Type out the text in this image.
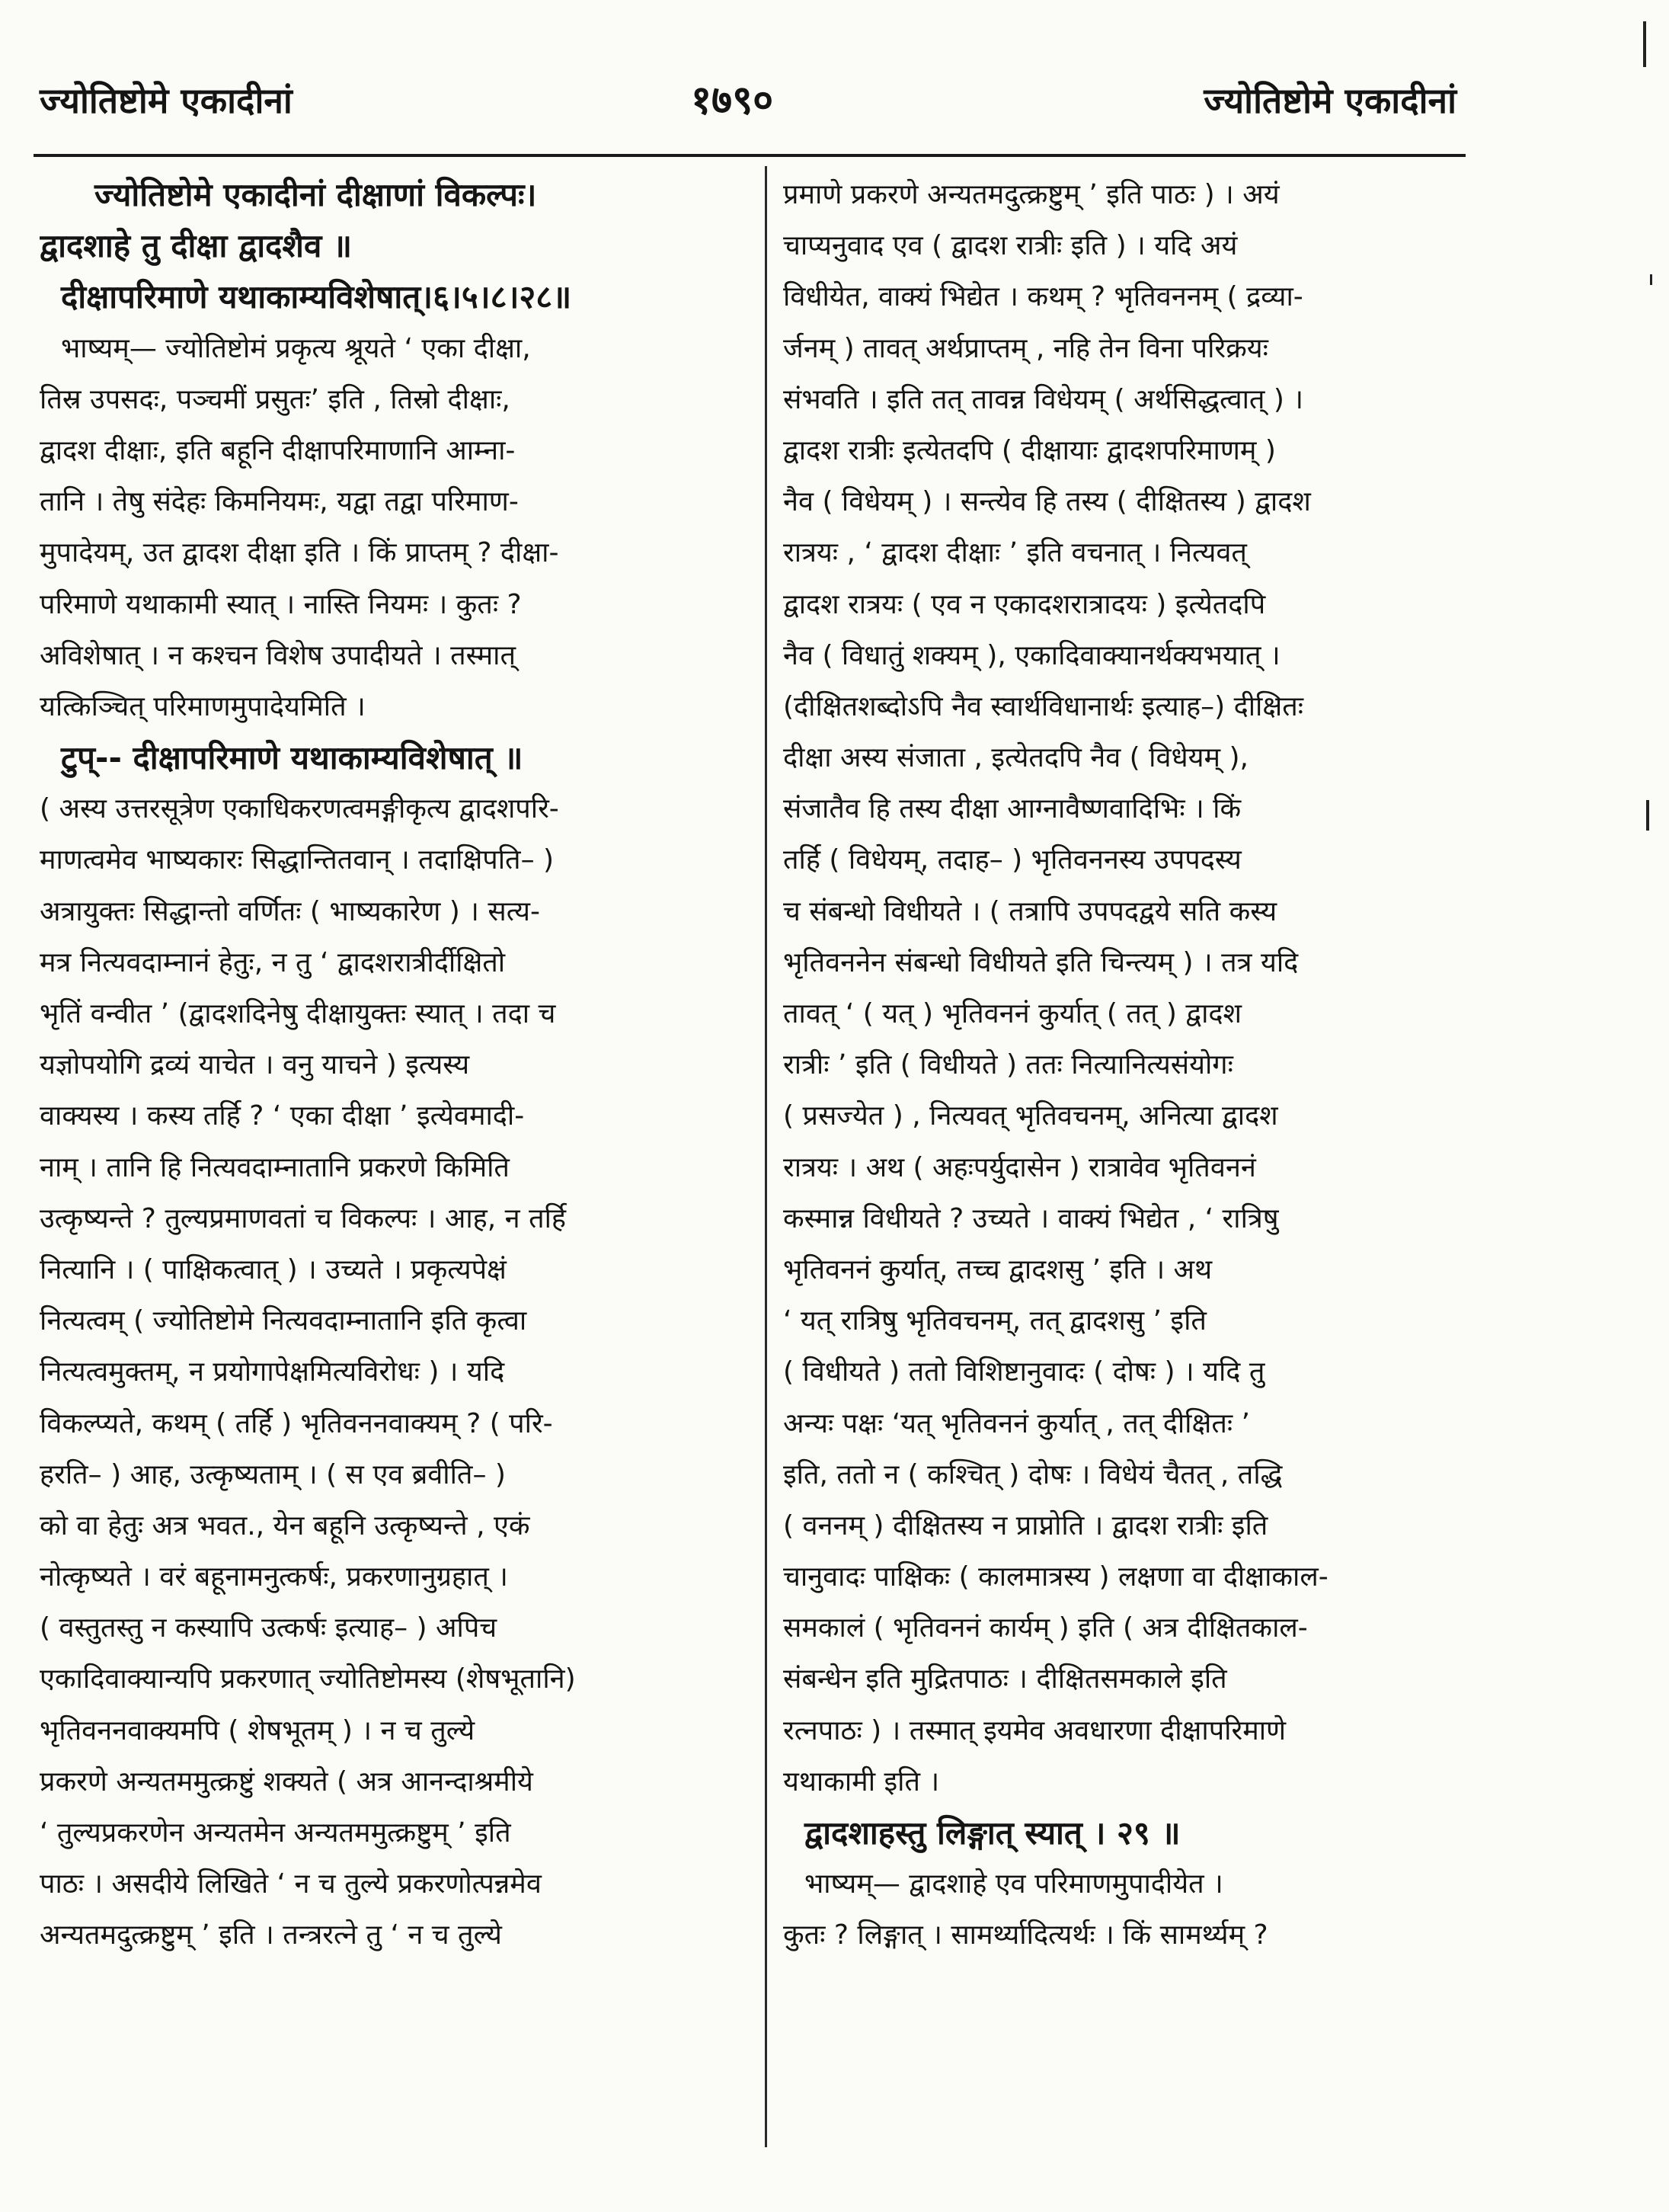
ज्योतिष्टोमे एकादीनां	१७९०	ज्योतिष्टोमे एकादीनां
ज्योतिष्टोमे एकादीनां दीक्षाणां विकल्पः।
द्वादशाहे तु दीक्षा द्वादशैव ॥
दीक्षापरिमाणे यथाकाम्यविशेषात्।६।५।८।२८॥
भाष्यम्— ज्योतिष्टोमं प्रकृत्य श्रूयते ‘ एका दीक्षा,
तिस्र उपसदः, पञ्चमीं प्रसुतः’ इति , तिस्रो दीक्षाः,
द्वादश दीक्षाः, इति बहूनि दीक्षापरिमाणानि आम्ना-
तानि । तेषु संदेहः किमनियमः, यद्वा तद्वा परिमाण-
मुपादेयम्, उत द्वादश दीक्षा इति । किं प्राप्तम् ? दीक्षा-
परिमाणे यथाकामी स्यात् । नास्ति नियमः । कुतः ?
अविशेषात् । न कश्चन विशेष उपादीयते । तस्मात्
यत्किञ्चित् परिमाणमुपादेयमिति ।
टुप्-- दीक्षापरिमाणे यथाकाम्यविशेषात् ॥
( अस्य उत्तरसूत्रेण एकाधिकरणत्वमङ्गीकृत्य द्वादशपरि-
माणत्वमेव भाष्यकारः सिद्धान्तितवान् । तदाक्षिपति– )
अत्रायुक्तः सिद्धान्तो वर्णितः ( भाष्यकारेण ) । सत्य-
मत्र नित्यवदाम्नानं हेतुः, न तु ‘ द्वादशरात्रीर्दीक्षितो
भृतिं वन्वीत ’ (द्वादशदिनेषु दीक्षायुक्तः स्यात् । तदा च
यज्ञोपयोगि द्रव्यं याचेत । वनु याचने ) इत्यस्य
वाक्यस्य । कस्य तर्हि ? ‘ एका दीक्षा ’ इत्येवमादी-
नाम् । तानि हि नित्यवदाम्नातानि प्रकरणे किमिति
उत्कृष्यन्ते ? तुल्यप्रमाणवतां च विकल्पः । आह, न तर्हि
नित्यानि । ( पाक्षिकत्वात् ) । उच्यते । प्रकृत्यपेक्षं
नित्यत्वम् ( ज्योतिष्टोमे नित्यवदाम्नातानि इति कृत्वा
नित्यत्वमुक्तम्, न प्रयोगापेक्षमित्यविरोधः ) । यदि
विकल्प्यते, कथम् ( तर्हि ) भृतिवननवाक्यम् ? ( परि-
हरति– ) आह, उत्कृष्यताम् । ( स एव ब्रवीति– )
को वा हेतुः अत्र भवत., येन बहूनि उत्कृष्यन्ते , एकं
नोत्कृष्यते । वरं बहूनामनुत्कर्षः, प्रकरणानुग्रहात् ।
( वस्तुतस्तु न कस्यापि उत्कर्षः इत्याह– ) अपिच
एकादिवाक्यान्यपि प्रकरणात् ज्योतिष्टोमस्य (शेषभूतानि)
भृतिवननवाक्यमपि ( शेषभूतम् ) । न च तुल्ये
प्रकरणे अन्यतममुत्क्रष्टुं शक्यते ( अत्र आनन्दाश्रमीये
‘ तुल्यप्रकरणेन अन्यतमेन अन्यतममुत्क्रष्टुम् ’ इति
पाठः । असदीये लिखिते ‘ न च तुल्ये प्रकरणोत्पन्नमेव
अन्यतमदुत्क्रष्टुम् ’ इति । तन्त्ररत्ने तु ‘ न च तुल्ये
प्रमाणे प्रकरणे अन्यतमदुत्क्रष्टुम् ’ इति पाठः ) । अयं
चाप्यनुवाद एव ( द्वादश रात्रीः इति ) । यदि अयं
विधीयेत, वाक्यं भिद्येत । कथम् ? भृतिवननम् ( द्रव्या-
र्जनम् ) तावत् अर्थप्राप्तम् , नहि तेन विना परिक्रयः
संभवति । इति तत् तावन्न विधेयम् ( अर्थसिद्धत्वात् ) ।
द्वादश रात्रीः इत्येतदपि ( दीक्षायाः द्वादशपरिमाणम् )
नैव ( विधेयम् ) । सन्त्येव हि तस्य ( दीक्षितस्य ) द्वादश
रात्रयः , ‘ द्वादश दीक्षाः ’ इति वचनात् । नित्यवत्
द्वादश रात्रयः ( एव न एकादशरात्रादयः ) इत्येतदपि
नैव ( विधातुं शक्यम् ), एकादिवाक्यानर्थक्यभयात् ।
(दीक्षितशब्दोऽपि नैव स्वार्थविधानार्थः इत्याह–) दीक्षितः
दीक्षा अस्य संजाता , इत्येतदपि नैव ( विधेयम् ),
संजातैव हि तस्य दीक्षा आग्नावैष्णवादिभिः । किं
तर्हि ( विधेयम्, तदाह– ) भृतिवननस्य उपपदस्य
च संबन्धो विधीयते । ( तत्रापि उपपदद्वये सति कस्य
भृतिवननेन संबन्धो विधीयते इति चिन्त्यम् ) । तत्र यदि
तावत् ‘ ( यत् ) भृतिवननं कुर्यात् ( तत् ) द्वादश
रात्रीः ’ इति ( विधीयते ) ततः नित्यानित्यसंयोगः
( प्रसज्येत ) , नित्यवत् भृतिवचनम्, अनित्या द्वादश
रात्रयः । अथ ( अहःपर्युदासेन ) रात्रावेव भृतिवननं
कस्मान्न विधीयते ? उच्यते । वाक्यं भिद्येत , ‘ रात्रिषु
भृतिवननं कुर्यात्, तच्च द्वादशसु ’ इति । अथ
‘ यत् रात्रिषु भृतिवचनम्, तत् द्वादशसु ’ इति
( विधीयते ) ततो विशिष्टानुवादः ( दोषः ) । यदि तु
अन्यः पक्षः ‘यत् भृतिवननं कुर्यात् , तत् दीक्षितः ’
इति, ततो न ( कश्चित् ) दोषः । विधेयं चैतत् , तद्धि
( वननम् ) दीक्षितस्य न प्राप्नोति । द्वादश रात्रीः इति
चानुवादः पाक्षिकः ( कालमात्रस्य ) लक्षणा वा दीक्षाकाल-
समकालं ( भृतिवननं कार्यम् ) इति ( अत्र दीक्षितकाल-
संबन्धेन इति मुद्रितपाठः । दीक्षितसमकाले इति
रत्नपाठः ) । तस्मात् इयमेव अवधारणा दीक्षापरिमाणे
यथाकामी इति ।
द्वादशाहस्तु लिङ्गात् स्यात् । २९ ॥
भाष्यम्— द्वादशाहे एव परिमाणमुपादीयेत ।
कुतः ? लिङ्गात् । सामर्थ्यादित्यर्थः । किं सामर्थ्यम् ?
